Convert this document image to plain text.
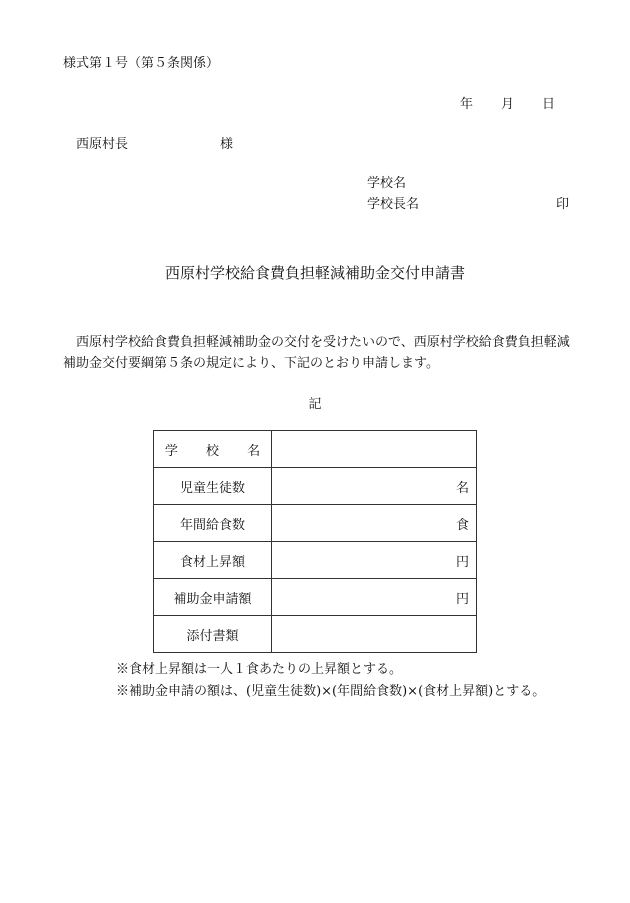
様式第１号（第５条関係）
年 月 日
西原村長	様
学校名
学校長名	印
西原村学校給食費負担軽減補助金交付申請書
西原村学校給食費負担軽減補助金の交付を受けたいので、西原村学校給食費負担軽減補助金交付要綱第５条の規定により、下記のとおり申請します。
記
学 校 名	
児童生徒数	名
年間給食数	食
食材上昇額	円
補助金申請額	円
添付書類	
※食材上昇額は一人１食あたりの上昇額とする。
※補助金申請の額は、(児童生徒数)×(年間給食数)×(食材上昇額)とする。
